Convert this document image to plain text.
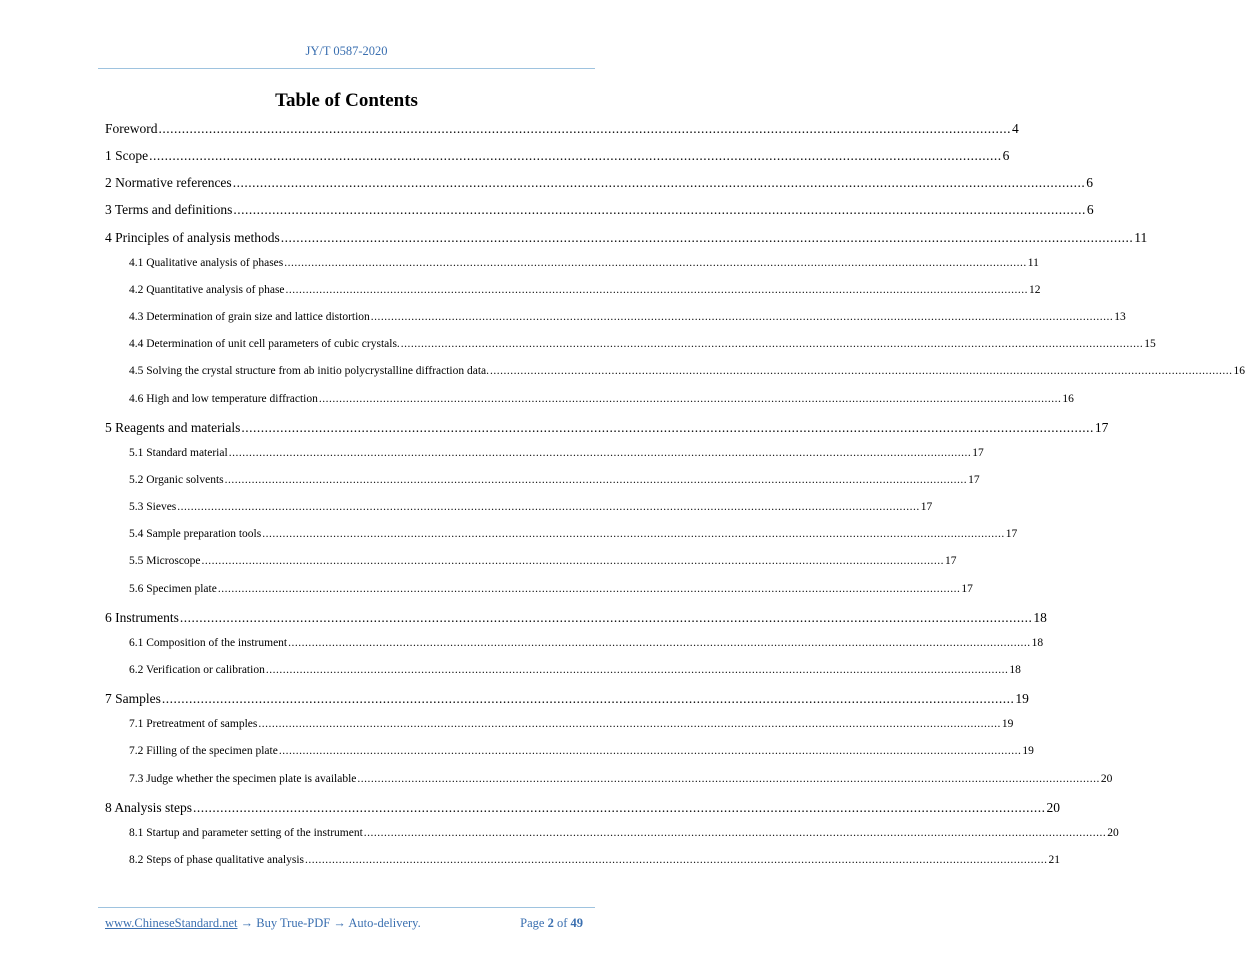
JY/T 0587-2020
Table of Contents
Foreword ............................................................................................................................................................................................................................ 4
1 Scope ............................................................................................................................................................................................................................ 6
2 Normative references ............................................................................................................................................................................................................................ 6
3 Terms and definitions ............................................................................................................................................................................................................................ 6
4 Principles of analysis methods ............................................................................................................................................................................................................................ 11
4.1 Qualitative analysis of phases ............................................................................................................................................................................................................................ 11
4.2 Quantitative analysis of phase ............................................................................................................................................................................................................................ 12
4.3 Determination of grain size and lattice distortion ............................................................................................................................................................................................................................ 13
4.4 Determination of unit cell parameters of cubic crystals. ............................................................................................................................................................................................................................ 15
4.5 Solving the crystal structure from ab initio polycrystalline diffraction data. ............................................................................................................................................................................................................................ 16
4.6 High and low temperature diffraction ............................................................................................................................................................................................................................ 16
5 Reagents and materials ............................................................................................................................................................................................................................ 17
5.1 Standard material ............................................................................................................................................................................................................................ 17
5.2 Organic solvents ............................................................................................................................................................................................................................ 17
5.3 Sieves ............................................................................................................................................................................................................................ 17
5.4 Sample preparation tools ............................................................................................................................................................................................................................ 17
5.5 Microscope ............................................................................................................................................................................................................................ 17
5.6 Specimen plate ............................................................................................................................................................................................................................ 17
6 Instruments ............................................................................................................................................................................................................................ 18
6.1 Composition of the instrument ............................................................................................................................................................................................................................ 18
6.2 Verification or calibration ............................................................................................................................................................................................................................ 18
7 Samples ............................................................................................................................................................................................................................ 19
7.1 Pretreatment of samples ............................................................................................................................................................................................................................ 19
7.2 Filling of the specimen plate ............................................................................................................................................................................................................................ 19
7.3 Judge whether the specimen plate is available ............................................................................................................................................................................................................................ 20
8 Analysis steps ............................................................................................................................................................................................................................ 20
8.1 Startup and parameter setting of the instrument ............................................................................................................................................................................................................................ 20
8.2 Steps of phase qualitative analysis ............................................................................................................................................................................................................................ 21
www.ChineseStandard.net → Buy True-PDF → Auto-delivery.	Page 2 of 49
